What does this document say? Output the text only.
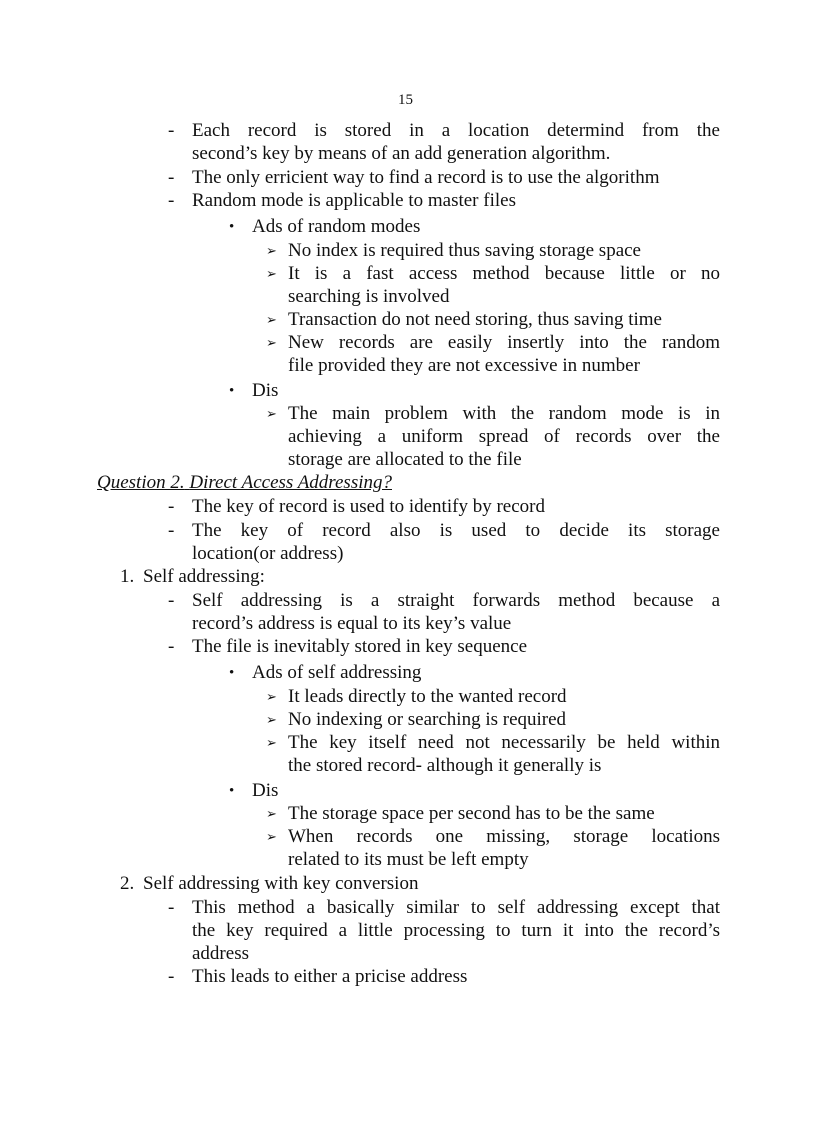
15
- Each record is stored in a location determind from the
second’s key by means of an add generation algorithm.
- The only erricient way to find a record is to use the algorithm
- Random mode is applicable to master files
• Ads of random modes
➢ No index is required thus saving storage space
➢ It is a fast access method because little or no
searching is involved
➢ Transaction do not need storing, thus saving time
➢ New records are easily insertly into the random
file provided they are not excessive in number
• Dis
➢ The main problem with the random mode is in
achieving a uniform spread of records over the
storage are allocated to the file
Question 2. Direct Access Addressing?
- The key of record is used to identify by record
- The key of record also is used to decide its storage
location(or address)
1. Self addressing:
- Self addressing is a straight forwards method because a
record’s address is equal to its key’s value
- The file is inevitably stored in key sequence
• Ads of self addressing
➢ It leads directly to the wanted record
➢ No indexing or searching is required
➢ The key itself need not necessarily be held within
the stored record- although it generally is
• Dis
➢ The storage space per second has to be the same
➢ When records one missing, storage locations
related to its must be left empty
2. Self addressing with key conversion
- This method a basically similar to self addressing except that
the key required a little processing to turn it into the record’s
address
- This leads to either a pricise address
